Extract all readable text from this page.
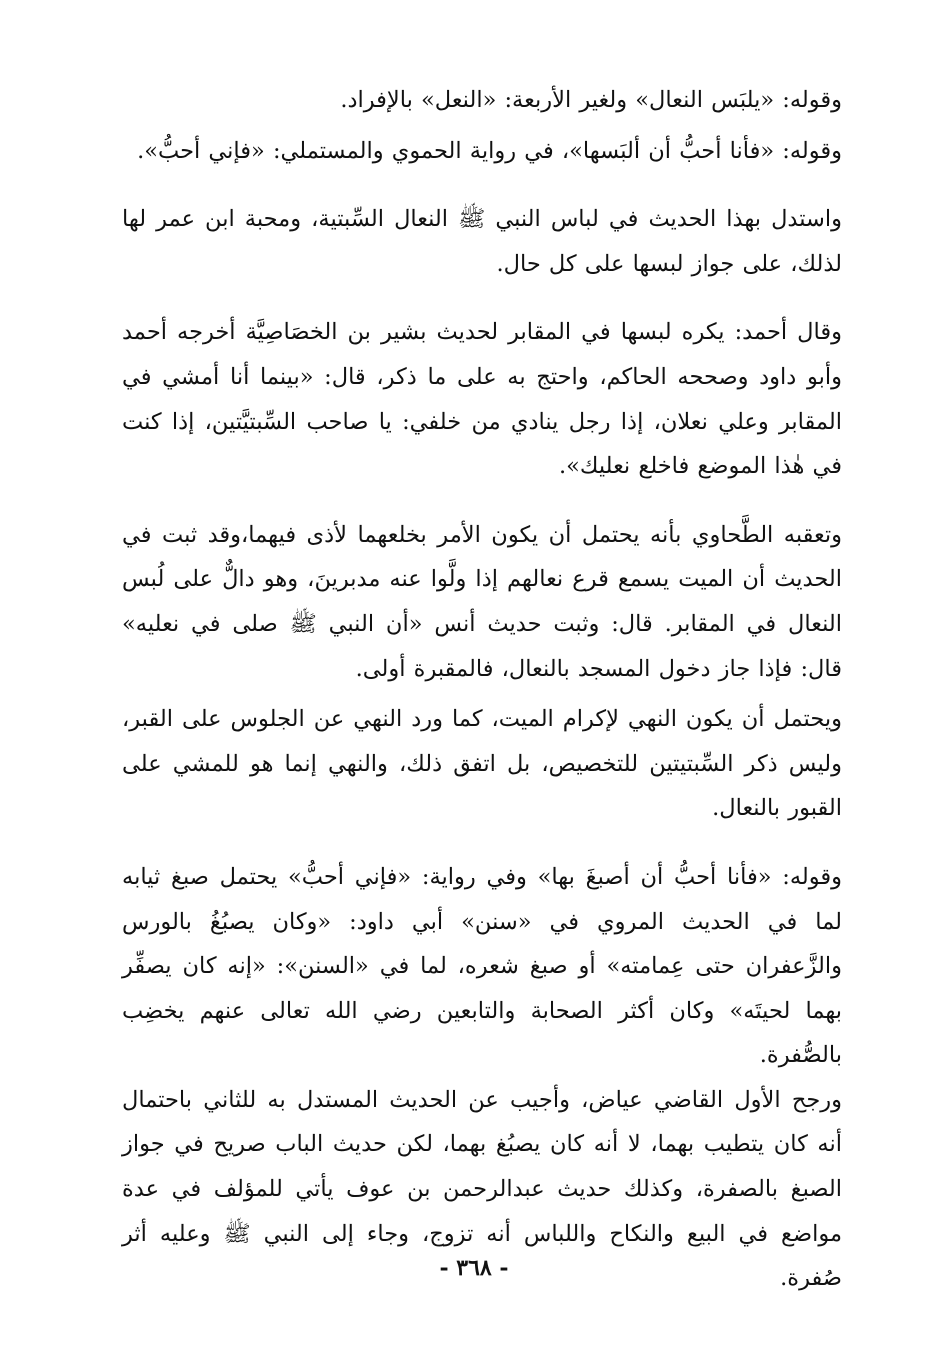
وقوله: «يلبَس النعال» ولغير الأربعة: «النعل» بالإفراد.

وقوله: «فأنا أحبُّ أن ألبَسها»، في رواية الحموي والمستملي: «فإني أحبُّ».

واستدل بهذا الحديث في لباس النبي ﷺ النعال السِّبتية، ومحبة ابن عمر لها لذلك، على جواز لبسها على كل حال.

وقال أحمد: يكره لبسها في المقابر لحديث بشير بن الخصَاصِيَّة أخرجه أحمد وأبو داود وصححه الحاكم، واحتج به على ما ذكر، قال: «بينما أنا أمشي في المقابر وعلي نعلان، إذا رجل ينادي من خلفي: يا صاحب السِّبتيَّتين، إذا كنت في هٰذا الموضع فاخلع نعليك».

وتعقبه الطَّحاوي بأنه يحتمل أن يكون الأمر بخلعهما لأذى فيهما،وقد ثبت في الحديث أن الميت يسمع قرع نعالهم إذا ولَّوا عنه مدبرينَ، وهو دالٌّ على لُبس النعال في المقابر. قال: وثبت حديث أنس «أن النبي ﷺ صلى في نعليه» قال: فإذا جاز دخول المسجد بالنعال، فالمقبرة أولى.

ويحتمل أن يكون النهي لإكرام الميت، كما ورد النهي عن الجلوس على القبر، وليس ذكر السِّبتيتين للتخصيص، بل اتفق ذلك، والنهي إنما هو للمشي على القبور بالنعال.

وقوله: «فأنا أحبُّ أن أصبغَ بها» وفي رواية: «فإني أحبُّ» يحتمل صبغ ثيابه لما في الحديث المروي في «سنن» أبي داود: «وكان يصبُغُ بالورس والزَّعفران حتى عِمامته» أو صبغ شعره، لما في «السنن»: «إنه كان يصفِّر بهما لحيتَه» وكان أكثر الصحابة والتابعين رضي الله تعالى عنهم يخضِب بالصُّفرة.

ورجح الأول القاضي عياض، وأجيب عن الحديث المستدل به للثاني باحتمال أنه كان يتطيب بهما، لا أنه كان يصبُغ بهما، لكن حديث الباب صريح في جواز الصبغ بالصفرة، وكذلك حديث عبدالرحمن بن عوف يأتي للمؤلف في عدة مواضع في البيع والنكاح واللباس أنه تزوج، وجاء إلى النبي ﷺ وعليه أثر صُفرة.

- ٣٦٨ -
